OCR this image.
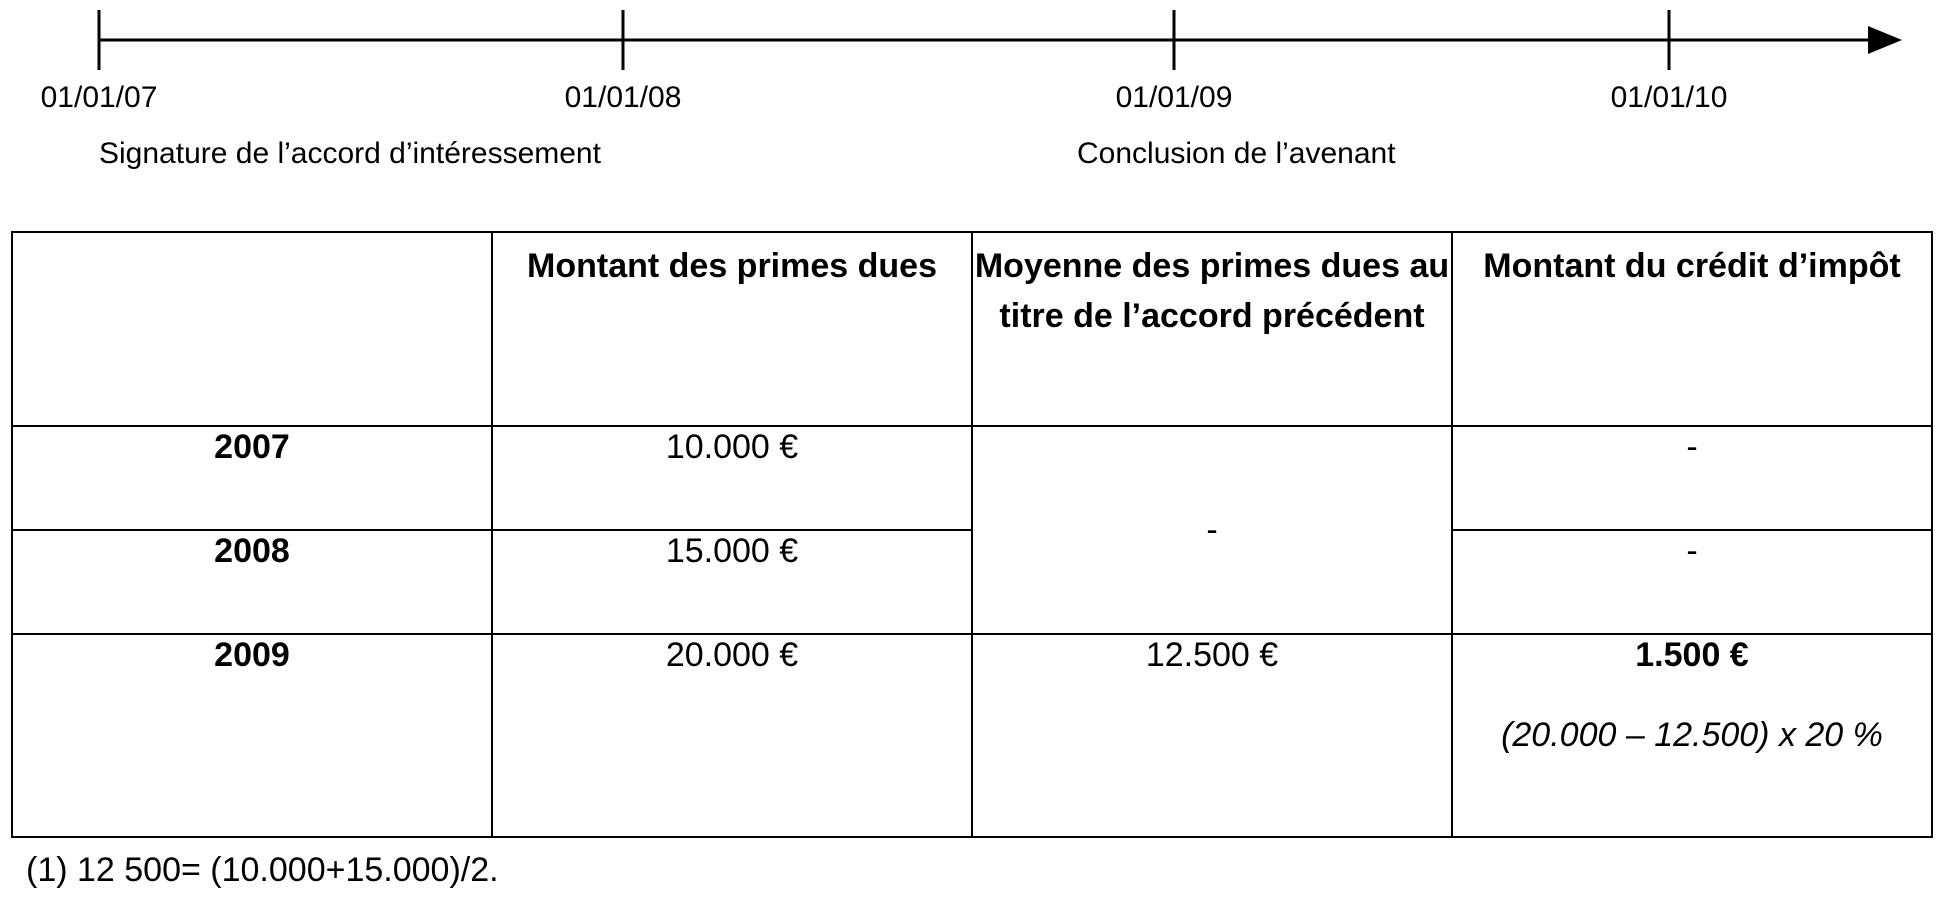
01/01/07	01/01/08	01/01/09	01/01/10
Signature de l’accord d’intéressement	Conclusion de l’avenant
	Montant des primes dues	Moyenne des primes dues au titre de l’accord précédent	Montant du crédit d’impôt
2007	10.000 €	-	-
2008	15.000 €		-
2009	20.000 €	12.500 €	1.500 €
(20.000 – 12.500) x 20 %
(1) 12 500= (10.000+15.000)/2.
